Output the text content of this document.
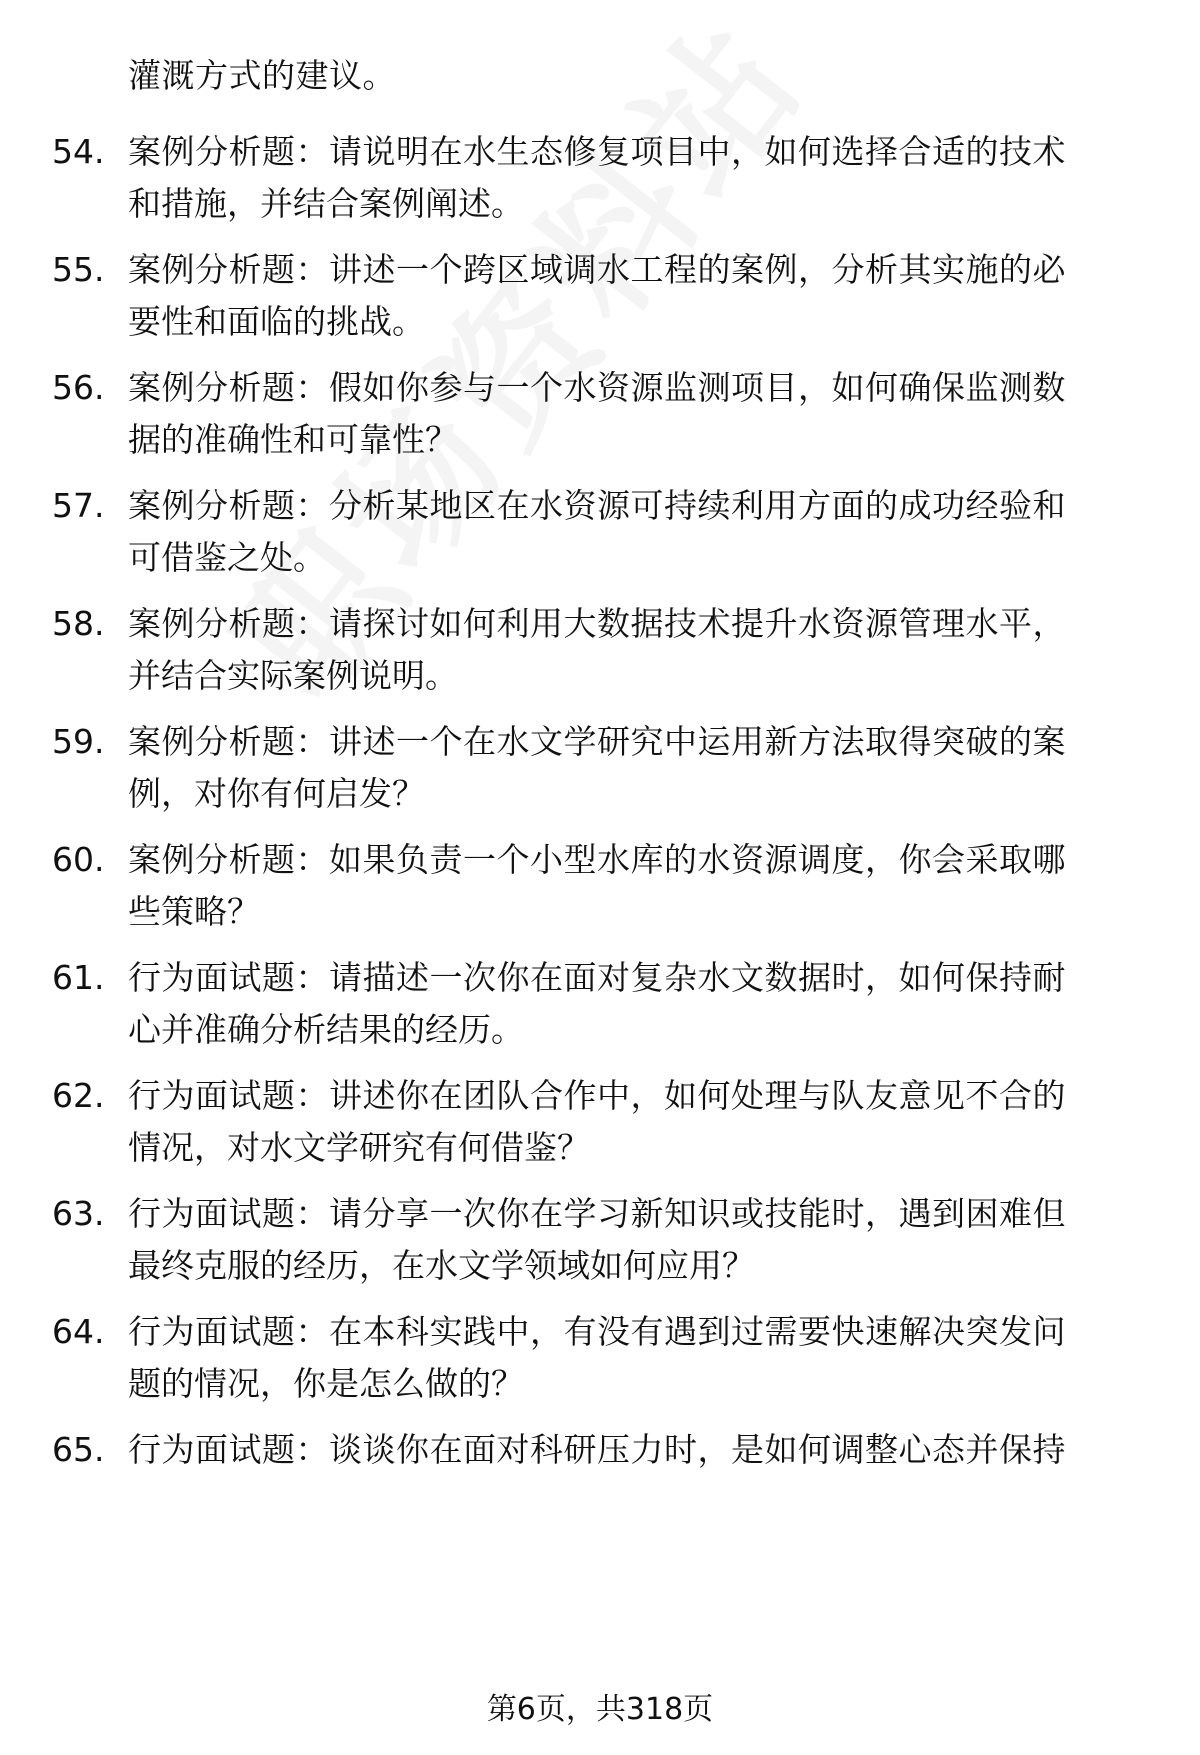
灌溉方式的建议。
54. 案例分析题：请说明在水生态修复项目中，如何选择合适的技术
和措施，并结合案例阐述。
55. 案例分析题：讲述一个跨区域调水工程的案例，分析其实施的必
要性和面临的挑战。
56. 案例分析题：假如你参与一个水资源监测项目，如何确保监测数
据的准确性和可靠性？
57. 案例分析题：分析某地区在水资源可持续利用方面的成功经验和
可借鉴之处。
58. 案例分析题：请探讨如何利用大数据技术提升水资源管理水平，
并结合实际案例说明。
59. 案例分析题：讲述一个在水文学研究中运用新方法取得突破的案
例，对你有何启发？
60. 案例分析题：如果负责一个小型水库的水资源调度，你会采取哪
些策略？
61. 行为面试题：请描述一次你在面对复杂水文数据时，如何保持耐
心并准确分析结果的经历。
62. 行为面试题：讲述你在团队合作中，如何处理与队友意见不合的
情况，对水文学研究有何借鉴？
63. 行为面试题：请分享一次你在学习新知识或技能时，遇到困难但
最终克服的经历，在水文学领域如何应用？
64. 行为面试题：在本科实践中，有没有遇到过需要快速解决突发问
题的情况，你是怎么做的？
65. 行为面试题：谈谈你在面对科研压力时，是如何调整心态并保持
第6页，共318页
